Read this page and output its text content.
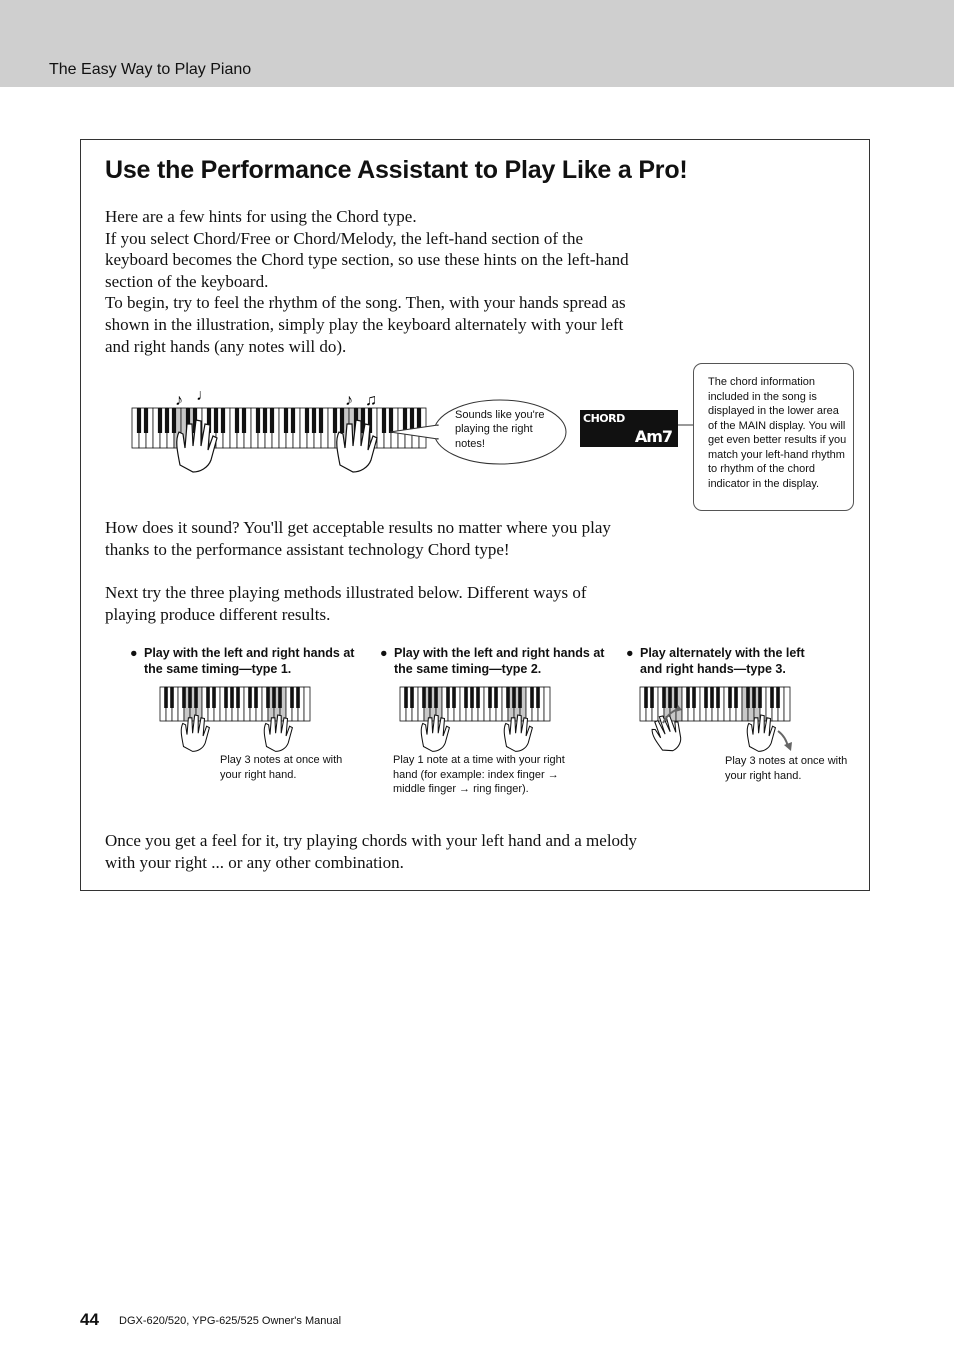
The Easy Way to Play Piano
Use the Performance Assistant to Play Like a Pro!

Here are a few hints for using the Chord type.

If you select Chord/Free or Chord/Melody, the left-hand section of the keyboard becomes the Chord type section, so use these hints on the left-hand section of the keyboard.

To begin, try to feel the rhythm of the song. Then, with your hands spread as shown in the illustration, simply play the keyboard alternately with your left and right hands (any notes will do).

♪ ♩	♪ ♫
Sounds like you're playing the right notes!
CHORD
Am7
The chord information included in the song is displayed in the lower area of the MAIN display. You will get even better results if you match your left-hand rhythm to rhythm of the chord indicator in the display.
How does it sound? You'll get acceptable results no matter where you play thanks to the performance assistant technology Chord type!
Next try the three playing methods illustrated below. Different ways of playing produce different results.
● Play with the left and right hands at the same timing—type 1.
● Play with the left and right hands at the same timing—type 2.
● Play alternately with the left and right hands—type 3.
Play 3 notes at once with your right hand.
Play 1 note at a time with your right hand (for example: index finger → middle finger → ring finger).
Play 3 notes at once with your right hand.
Once you get a feel for it, try playing chords with your left hand and a melody with your right ... or any other combination.
44 DGX-620/520, YPG-625/525 Owner's Manual
